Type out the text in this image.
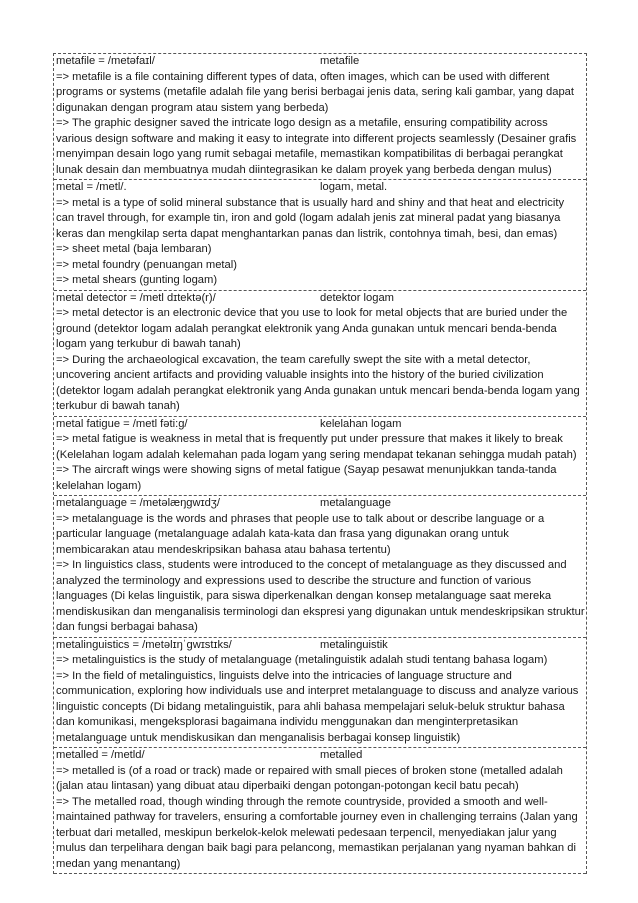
metafile = /metəfaɪl/	metafile
=> metafile is a file containing different types of data, often images, which can be used with different programs or systems (metafile adalah file yang berisi berbagai jenis data, sering kali gambar, yang dapat digunakan dengan program atau sistem yang berbeda)
=> The graphic designer saved the intricate logo design as a metafile, ensuring compatibility across various design software and making it easy to integrate into different projects seamlessly (Desainer grafis menyimpan desain logo yang rumit sebagai metafile, memastikan kompatibilitas di berbagai perangkat lunak desain dan membuatnya mudah diintegrasikan ke dalam proyek yang berbeda dengan mulus)
metal = /metl/.	logam, metal.
=> metal is a type of solid mineral substance that is usually hard and shiny and that heat and electricity can travel through, for example tin, iron and gold (logam adalah jenis zat mineral padat yang biasanya keras dan mengkilap serta dapat menghantarkan panas dan listrik, contohnya timah, besi, dan emas)
=> sheet metal (baja lembaran)
=> metal foundry (penuangan metal)
=> metal shears (gunting logam)
metal detector = /metl dɪtektə(r)/	detektor logam
=> metal detector is an electronic device that you use to look for metal objects that are buried under the ground (detektor logam adalah perangkat elektronik yang Anda gunakan untuk mencari benda-benda logam yang terkubur di bawah tanah)
=> During the archaeological excavation, the team carefully swept the site with a metal detector, uncovering ancient artifacts and providing valuable insights into the history of the buried civilization (detektor logam adalah perangkat elektronik yang Anda gunakan untuk mencari benda-benda logam yang terkubur di bawah tanah)
metal fatigue = /metl fəti:g/	kelelahan logam
=> metal fatigue is weakness in metal that is frequently put under pressure that makes it likely to break (Kelelahan logam adalah kelemahan pada logam yang sering mendapat tekanan sehingga mudah patah)
=> The aircraft wings were showing signs of metal fatigue (Sayap pesawat menunjukkan tanda-tanda kelelahan logam)
metalanguage = /metəlæŋgwɪdʒ/	metalanguage
=> metalanguage is the words and phrases that people use to talk about or describe language or a particular language (metalanguage adalah kata-kata dan frasa yang digunakan orang untuk membicarakan atau mendeskripsikan bahasa atau bahasa tertentu)
=> In linguistics class, students were introduced to the concept of metalanguage as they discussed and analyzed the terminology and expressions used to describe the structure and function of various languages (Di kelas linguistik, para siswa diperkenalkan dengan konsep metalanguage saat mereka mendiskusikan dan menganalisis terminologi dan ekspresi yang digunakan untuk mendeskripsikan struktur dan fungsi berbagai bahasa)
metalinguistics = /metəlɪŋˈgwɪstɪks/	metalinguistik
=> metalinguistics is the study of metalanguage (metalinguistik adalah studi tentang bahasa logam)
=> In the field of metalinguistics, linguists delve into the intricacies of language structure and communication, exploring how individuals use and interpret metalanguage to discuss and analyze various linguistic concepts (Di bidang metalinguistik, para ahli bahasa mempelajari seluk-beluk struktur bahasa dan komunikasi, mengeksplorasi bagaimana individu menggunakan dan menginterpretasikan metalanguage untuk mendiskusikan dan menganalisis berbagai konsep linguistik)
metalled = /metld/	metalled
=> metalled is (of a road or track) made or repaired with small pieces of broken stone (metalled adalah (jalan atau lintasan) yang dibuat atau diperbaiki dengan potongan-potongan kecil batu pecah)
=> The metalled road, though winding through the remote countryside, provided a smooth and well-maintained pathway for travelers, ensuring a comfortable journey even in challenging terrains (Jalan yang terbuat dari metalled, meskipun berkelok-kelok melewati pedesaan terpencil, menyediakan jalur yang mulus dan terpelihara dengan baik bagi para pelancong, memastikan perjalanan yang nyaman bahkan di medan yang menantang)
